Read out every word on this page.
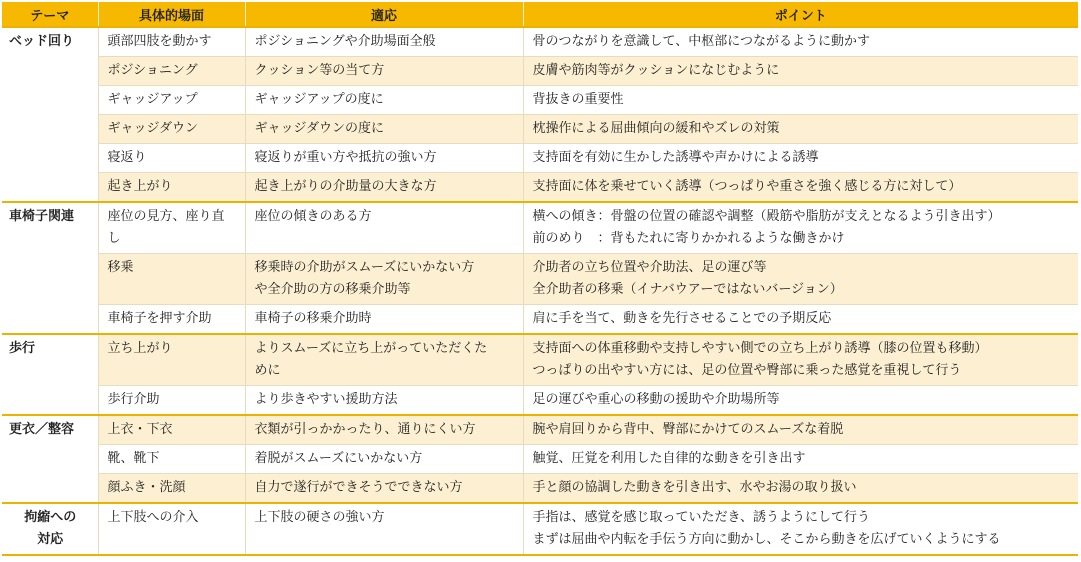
テーマ	具体的場面	適応	ポイント

ベッド回り	頭部四肢を動かす	ポジショニングや介助場面全般	骨のつながりを意識して、中枢部につながるように動かす

	ポジショニング	クッション等の当て方	皮膚や筋肉等がクッションになじむように

	ギャッジアップ	ギャッジアップの度に	背抜きの重要性

	ギャッジダウン	ギャッジダウンの度に	枕操作による屈曲傾向の緩和やズレの対策

	寝返り	寝返りが重い方や抵抗の強い方	支持面を有効に生かした誘導や声かけによる誘導

	起き上がり	起き上がりの介助量の大きな方	支持面に体を乗せていく誘導（つっぱりや重さを強く感じる方に対して）

車椅子関連	座位の見方、座り直
し	座位の傾きのある方	横への傾き：骨盤の位置の確認や調整（殿筋や脂肪が支えとなるよう引き出す）
前のめり　：背もたれに寄りかかれるような働きかけ

	移乗	移乗時の介助がスムーズにいかない方
や全介助の方の移乗介助等	介助者の立ち位置や介助法、足の運び等
全介助者の移乗（イナバウアーではないバージョン）

	車椅子を押す介助	車椅子の移乗介助時	肩に手を当て、動きを先行させることでの予期反応

歩行	立ち上がり	よりスムーズに立ち上がっていただくた
めに	支持面への体重移動や支持しやすい側での立ち上がり誘導（膝の位置も移動）
つっぱりの出やすい方には、足の位置や臀部に乗った感覚を重視して行う

	歩行介助	より歩きやすい援助方法	足の運びや重心の移動の援助や介助場所等

更衣／整容	上衣・下衣	衣類が引っかかったり、通りにくい方	腕や肩回りから背中、臀部にかけてのスムーズな着脱

	靴、靴下	着脱がスムーズにいかない方	触覚、圧覚を利用した自律的な動きを引き出す

	顔ふき・洗顔	自力で遂行ができそうでできない方	手と顔の協調した動きを引き出す、水やお湯の取り扱い

拘縮への
対応	上下肢への介入	上下肢の硬さの強い方	手指は、感覚を感じ取っていただき、誘うようにして行う
まずは屈曲や内転を手伝う方向に動かし、そこから動きを広げていくようにする
